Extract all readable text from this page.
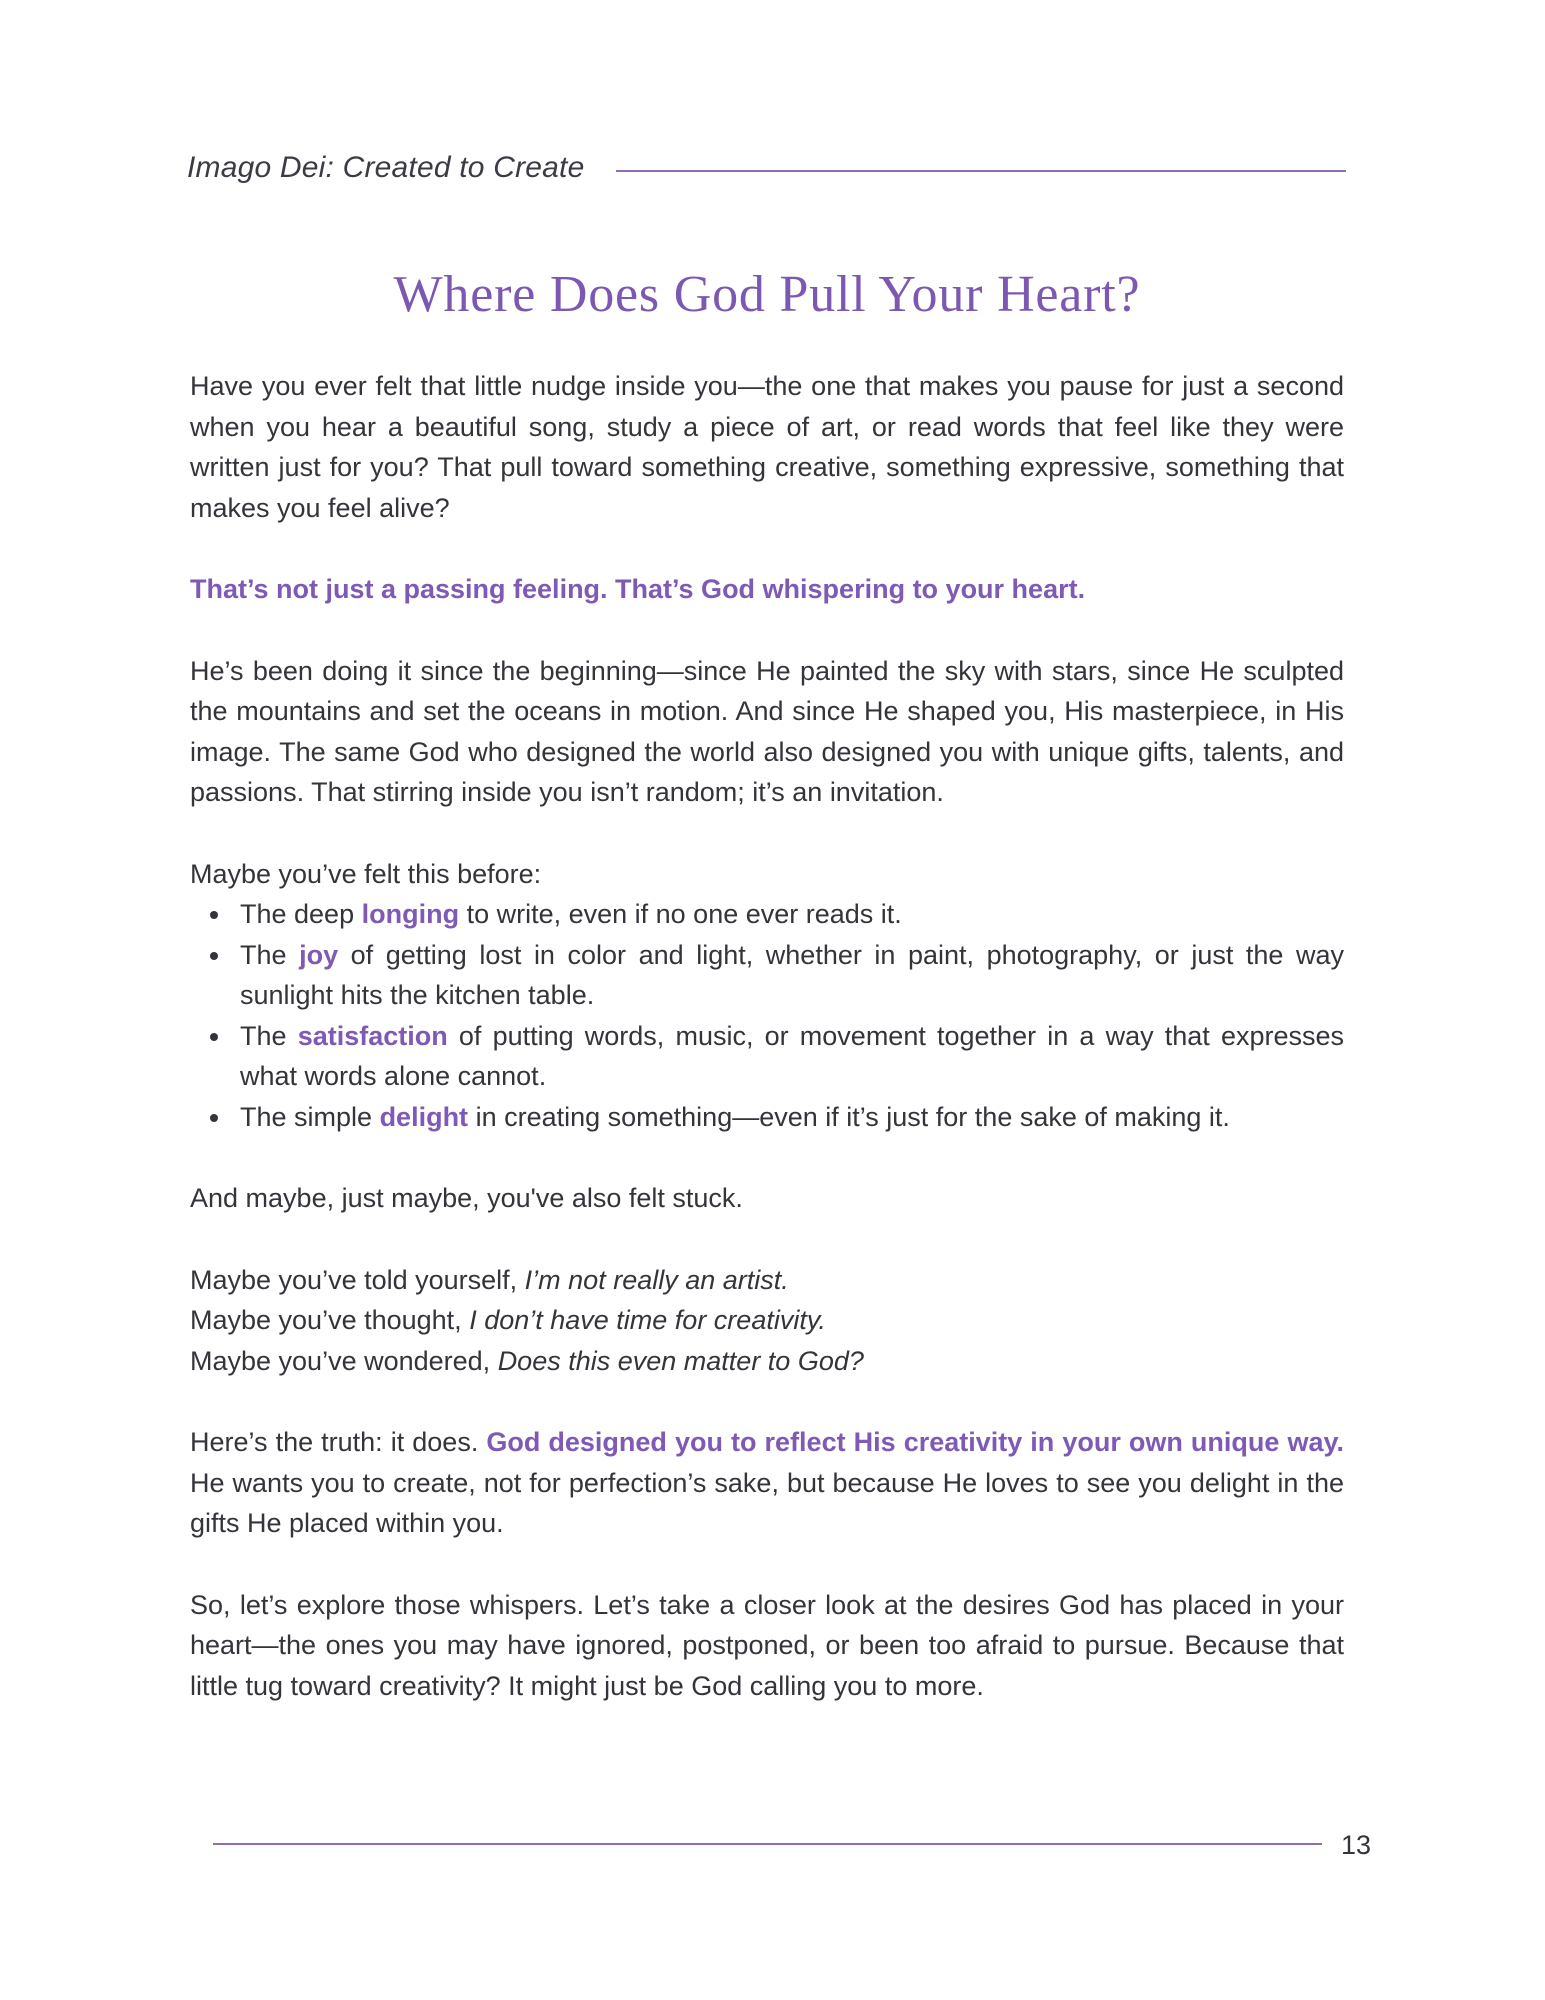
Imago Dei: Created to Create
Where Does God Pull Your Heart?

Have you ever felt that little nudge inside you—the one that makes you pause for just a second when you hear a beautiful song, study a piece of art, or read words that feel like they were written just for you? That pull toward something creative, something expressive, something that makes you feel alive?

That’s not just a passing feeling. That’s God whispering to your heart.

He’s been doing it since the beginning—since He painted the sky with stars, since He sculpted the mountains and set the oceans in motion. And since He shaped you, His masterpiece, in His image. The same God who designed the world also designed you with unique gifts, talents, and passions. That stirring inside you isn’t random; it’s an invitation.

Maybe you’ve felt this before:

The deep longing to write, even if no one ever reads it.
The joy of getting lost in color and light, whether in paint, photography, or just the way sunlight hits the kitchen table.
The satisfaction of putting words, music, or movement together in a way that expresses what words alone cannot.
The simple delight in creating something—even if it’s just for the sake of making it.

And maybe, just maybe, you've also felt stuck.

Maybe you’ve told yourself, I’m not really an artist.

Maybe you’ve thought, I don’t have time for creativity.

Maybe you’ve wondered, Does this even matter to God?

Here’s the truth: it does. God designed you to reflect His creativity in your own unique way. He wants you to create, not for perfection’s sake, but because He loves to see you delight in the gifts He placed within you.

So, let’s explore those whispers. Let’s take a closer look at the desires God has placed in your heart—the ones you may have ignored, postponed, or been too afraid to pursue. Because that little tug toward creativity? It might just be God calling you to more.

13
